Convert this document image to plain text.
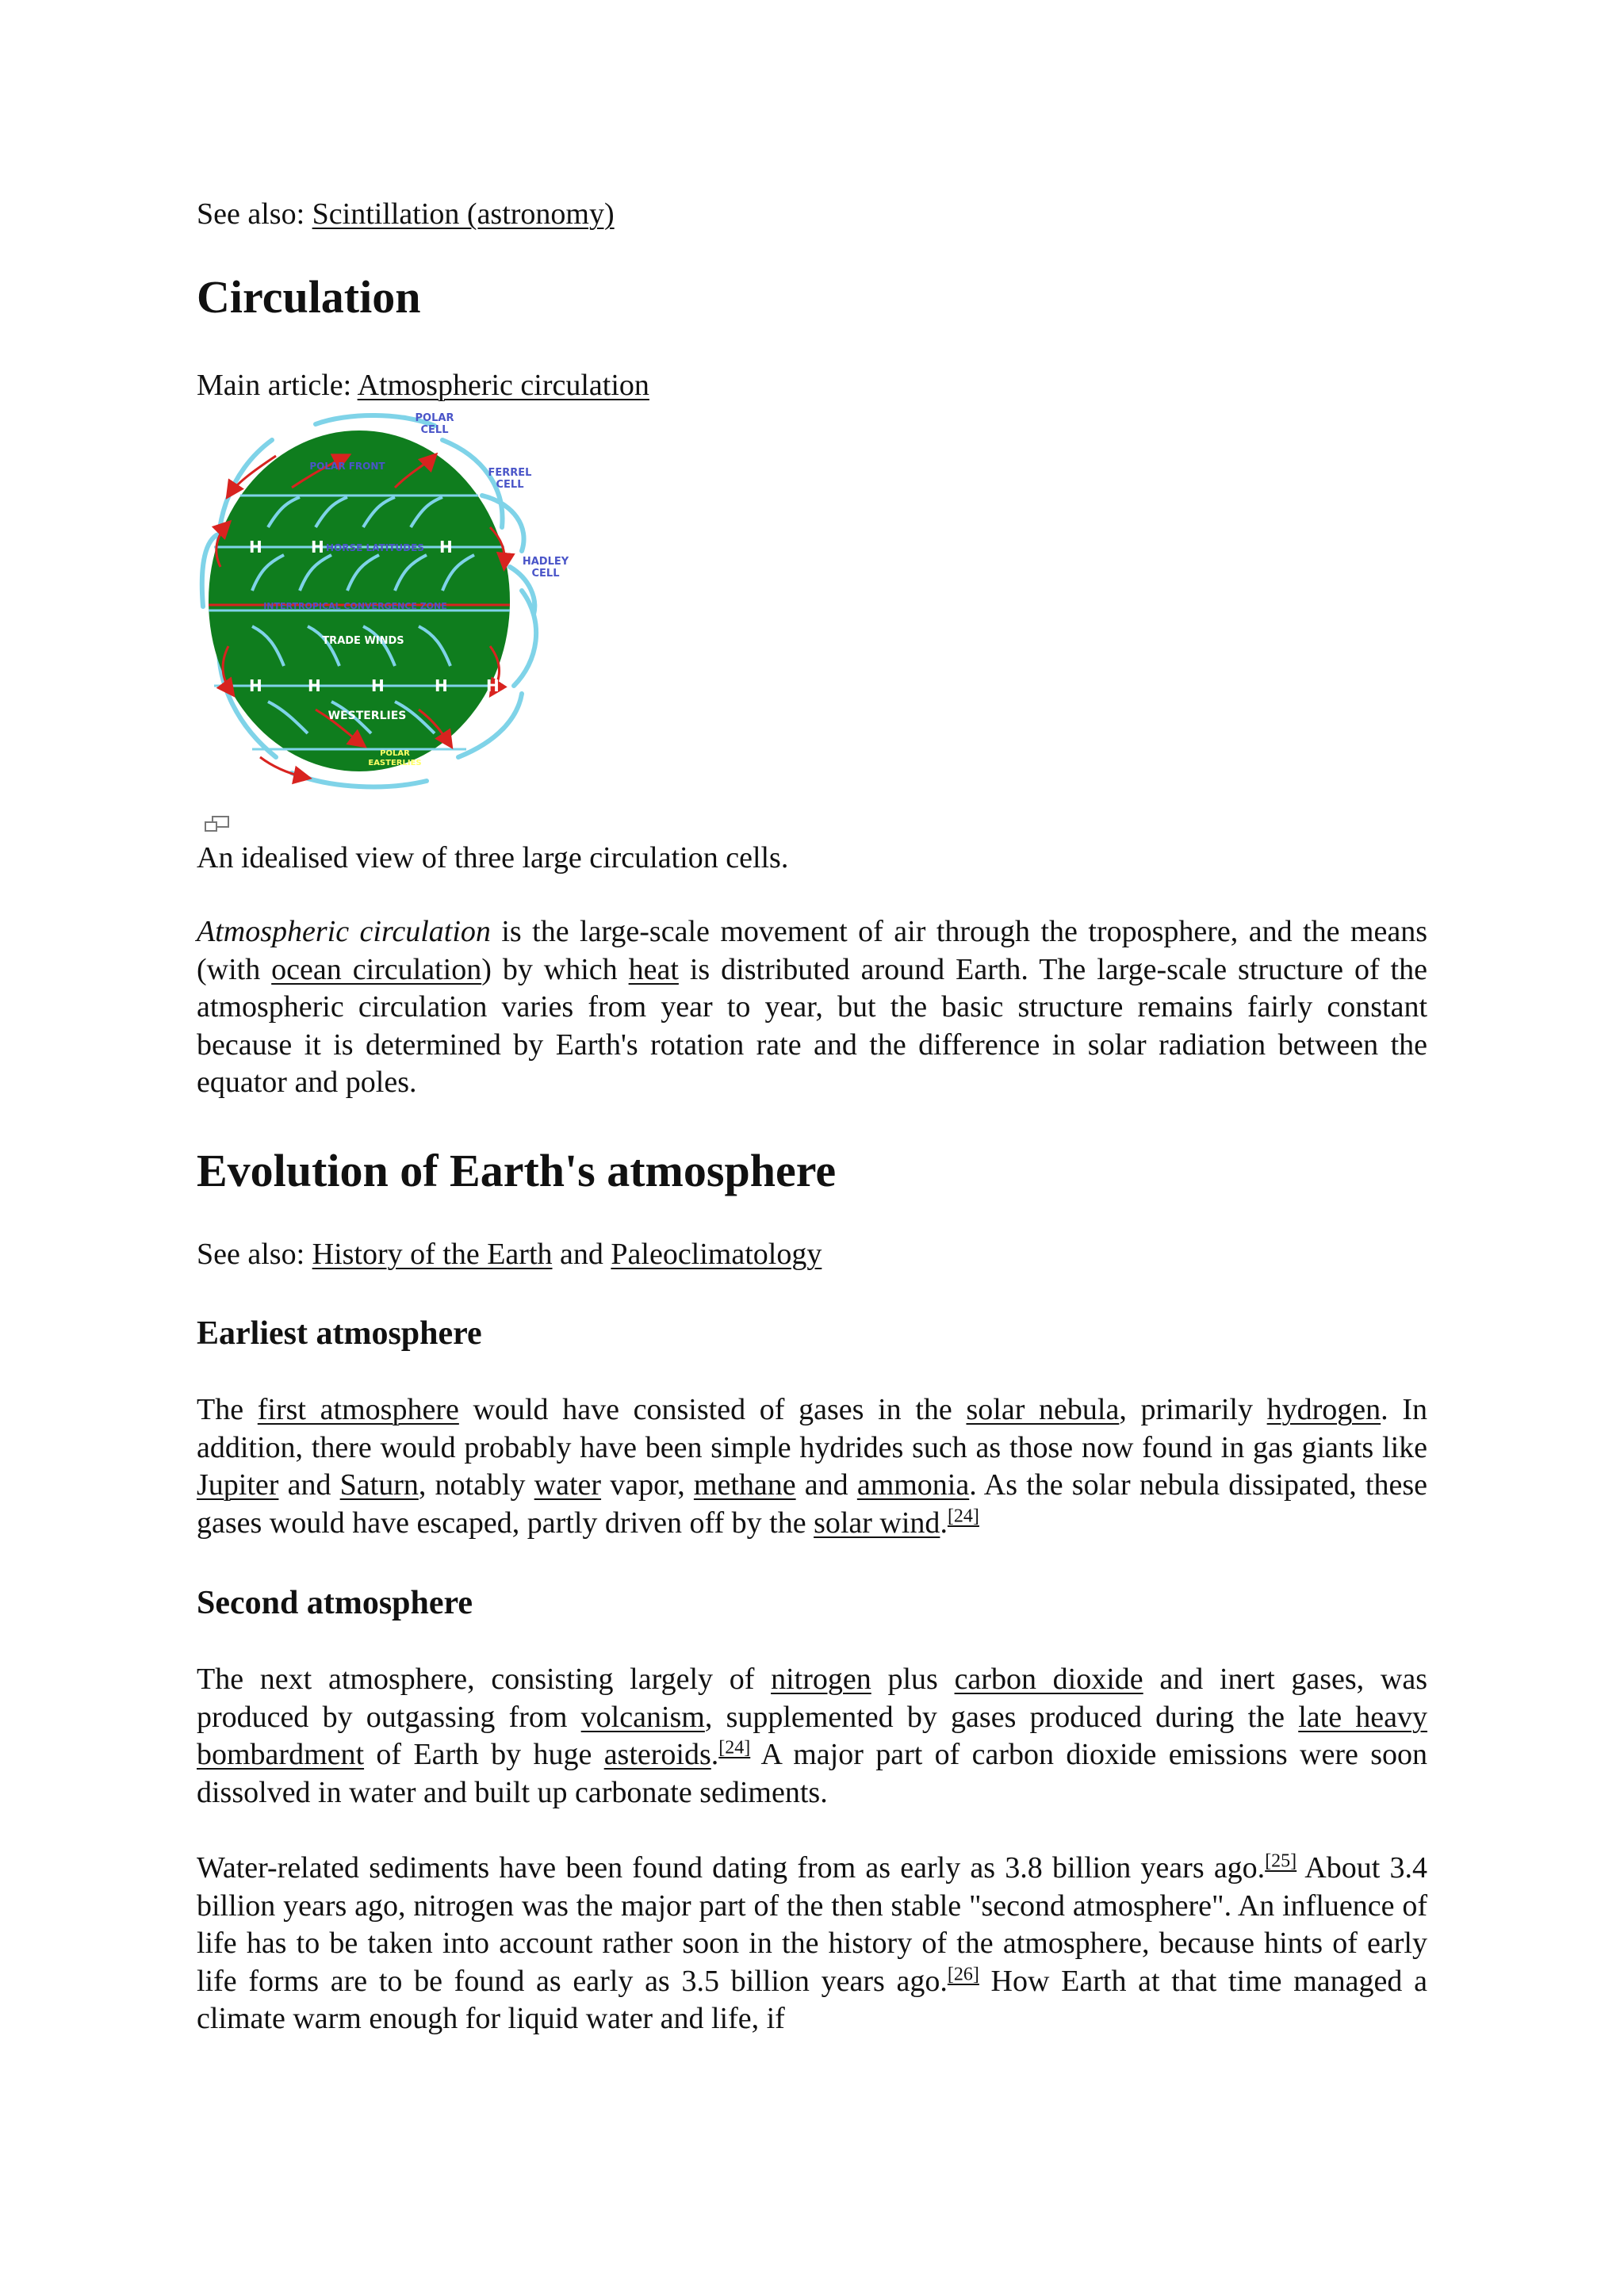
See also: Scintillation (astronomy)

Circulation

Main article: Atmospheric circulation

H	H	H	H
H	H	H	H H
POLAR
CELL
FERREL
CELL
HADLEY
CELL
POLAR FRONT
HORSE LATITUDES
INTERTROPICAL CONVERGENCE ZONE
TRADE WINDS
WESTERLIES
POLAR
EASTERLIES

An idealised view of three large circulation cells.

Atmospheric circulation is the large-scale movement of air through the troposphere, and the means (with ocean circulation) by which heat is distributed around Earth. The large-scale structure of the atmospheric circulation varies from year to year, but the basic structure remains fairly constant because it is determined by Earth's rotation rate and the difference in solar radiation between the equator and poles.

Evolution of Earth's atmosphere

See also: History of the Earth and Paleoclimatology

Earliest atmosphere

The first atmosphere would have consisted of gases in the solar nebula, primarily hydrogen. In addition, there would probably have been simple hydrides such as those now found in gas giants like Jupiter and Saturn, notably water vapor, methane and ammonia. As the solar nebula dissipated, these gases would have escaped, partly driven off by the solar wind.[24]

Second atmosphere

The next atmosphere, consisting largely of nitrogen plus carbon dioxide and inert gases, was produced by outgassing from volcanism, supplemented by gases produced during the late heavy bombardment of Earth by huge asteroids.[24] A major part of carbon dioxide emissions were soon dissolved in water and built up carbonate sediments.

Water-related sediments have been found dating from as early as 3.8 billion years ago.[25] About 3.4 billion years ago, nitrogen was the major part of the then stable "second atmosphere". An influence of life has to be taken into account rather soon in the history of the atmosphere, because hints of early life forms are to be found as early as 3.5 billion years ago.[26] How Earth at that time managed a climate warm enough for liquid water and life, if
